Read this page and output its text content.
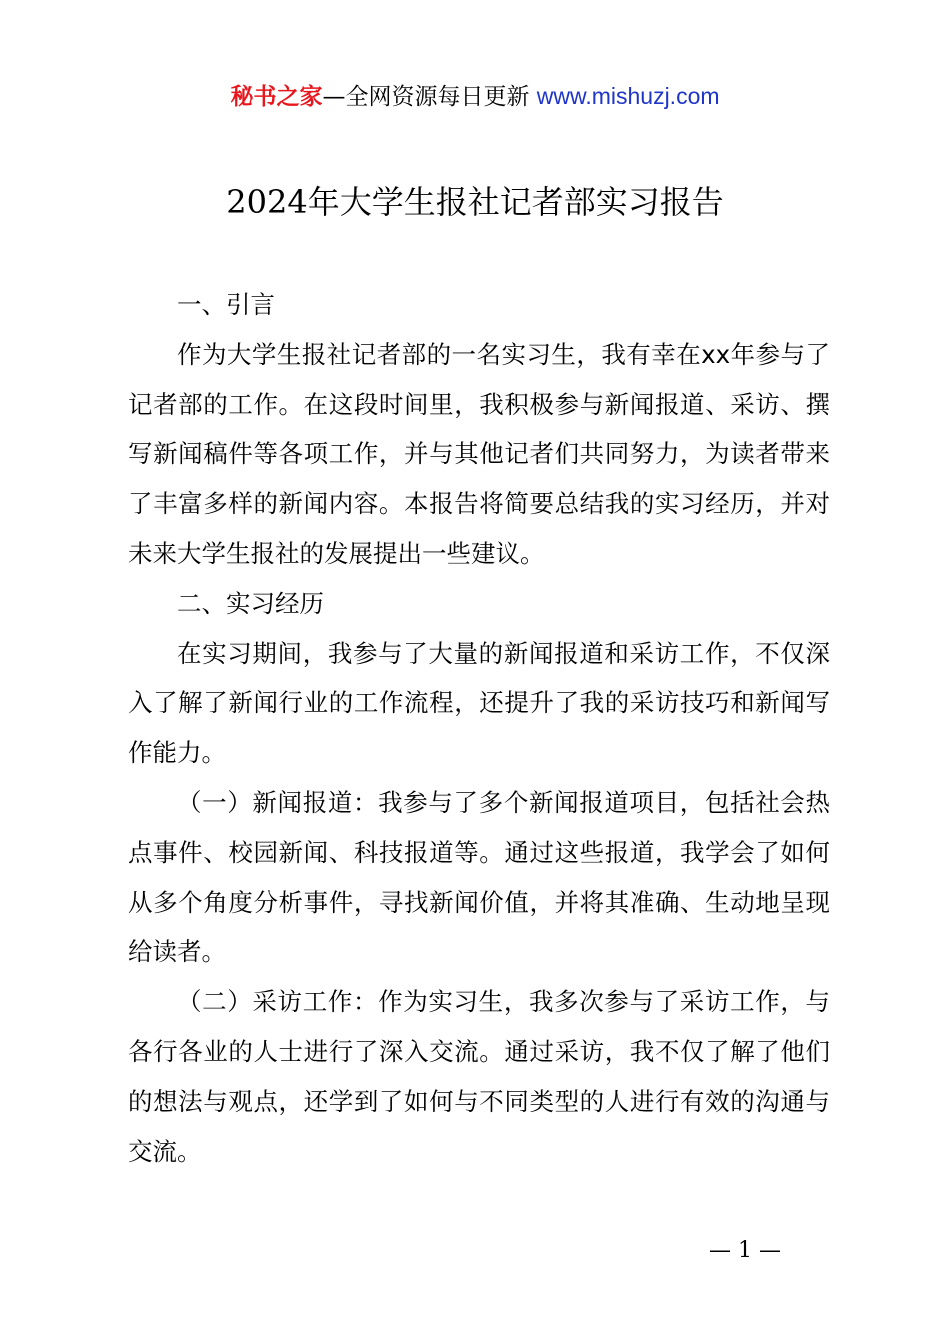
秘书之家—全网资源每日更新 www.mishuzj.com
2024年大学生报社记者部实习报告

一、引言

作为大学生报社记者部的一名实习生，我有幸在xx年参与了记者部的工作。在这段时间里，我积极参与新闻报道、采访、撰写新闻稿件等各项工作，并与其他记者们共同努力，为读者带来了丰富多样的新闻内容。本报告将简要总结我的实习经历，并对未来大学生报社的发展提出一些建议。

二、实习经历

在实习期间，我参与了大量的新闻报道和采访工作，不仅深入了解了新闻行业的工作流程，还提升了我的采访技巧和新闻写作能力。

（一）新闻报道：我参与了多个新闻报道项目，包括社会热点事件、校园新闻、科技报道等。通过这些报道，我学会了如何从多个角度分析事件，寻找新闻价值，并将其准确、生动地呈现给读者。

（二）采访工作：作为实习生，我多次参与了采访工作，与各行各业的人士进行了深入交流。通过采访，我不仅了解了他们的想法与观点，还学到了如何与不同类型的人进行有效的沟通与交流。

— 1 —
